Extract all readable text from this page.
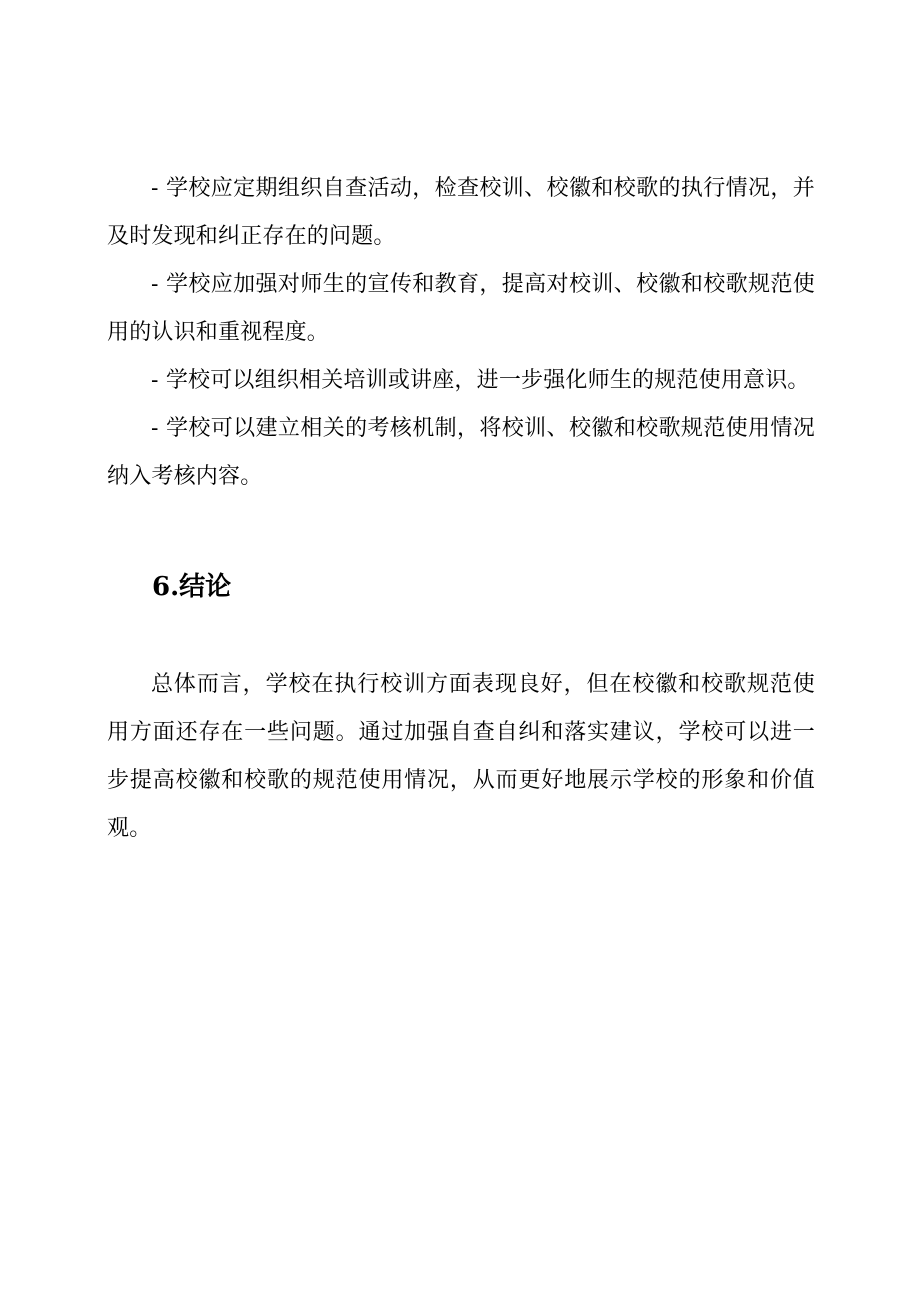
- 学校应定期组织自查活动，检查校训、校徽和校歌的执行情况，并及时发现和纠正存在的问题。

- 学校应加强对师生的宣传和教育，提高对校训、校徽和校歌规范使用的认识和重视程度。

- 学校可以组织相关培训或讲座，进一步强化师生的规范使用意识。

- 学校可以建立相关的考核机制，将校训、校徽和校歌规范使用情况纳入考核内容。

6.结论

总体而言，学校在执行校训方面表现良好，但在校徽和校歌规范使用方面还存在一些问题。通过加强自查自纠和落实建议，学校可以进一步提高校徽和校歌的规范使用情况，从而更好地展示学校的形象和价值观。
